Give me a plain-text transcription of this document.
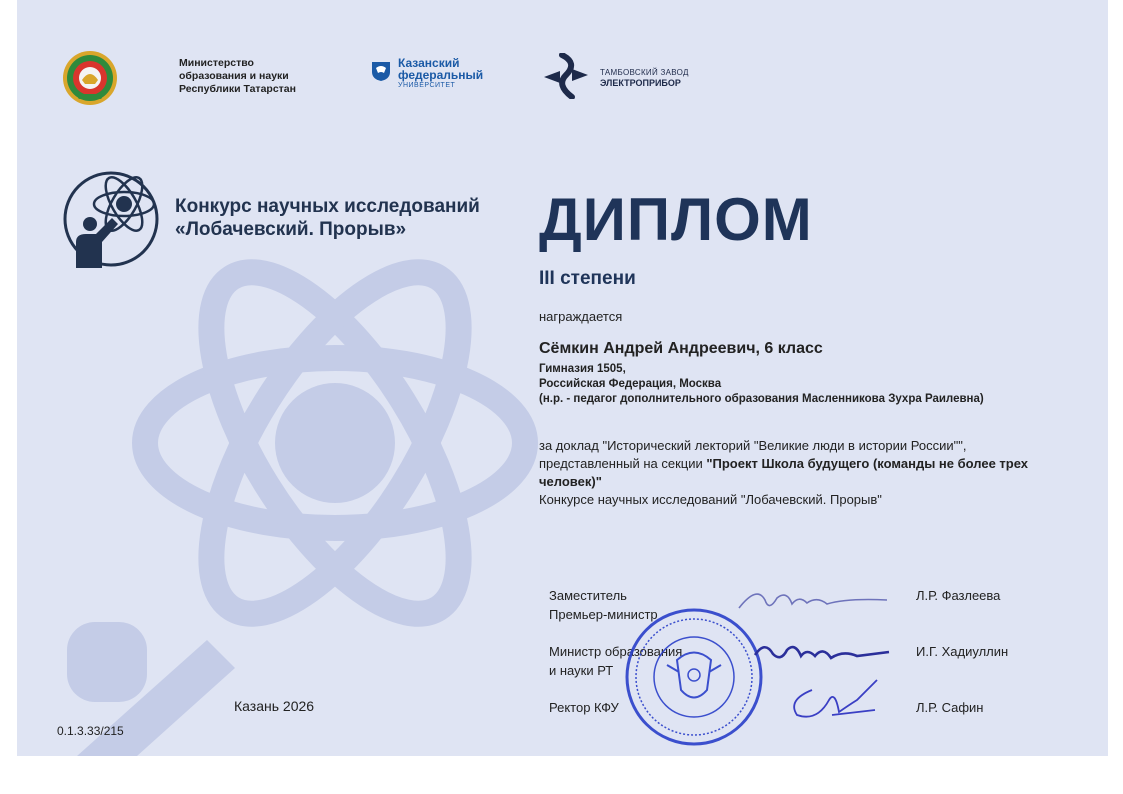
Министерство
образования и науки
Республики Татарстан
Казанский
федеральный
УНИВЕРСИТЕТ
ТАМБОВСКИЙ ЗАВОД
ЭЛЕКТРОПРИБОР
Конкурс научных исследований
«Лобачевский. Прорыв»	ДИПЛОМ
III степени
награждается
Сёмкин Андрей Андреевич, 6 класс
Гимназия 1505,
Российская Федерация, Москва
(н.р. - педагог дополнительного образования Масленникова Зухра Раилевна)
за доклад "Исторический лекторий "Великие люди в истории России"",
представленный на секции "Проект Школа будущего (команды не более трех человек)"
Конкурсе научных исследований "Лобачевский. Прорыв"
Заместитель
Премьер-министр
Л.Р. Фазлеева
Министр образования
и науки РТ
И.Г. Хадиуллин
Ректор КФУ	Л.Р. Сафин
Казань 2026
0.1.3.33/215
